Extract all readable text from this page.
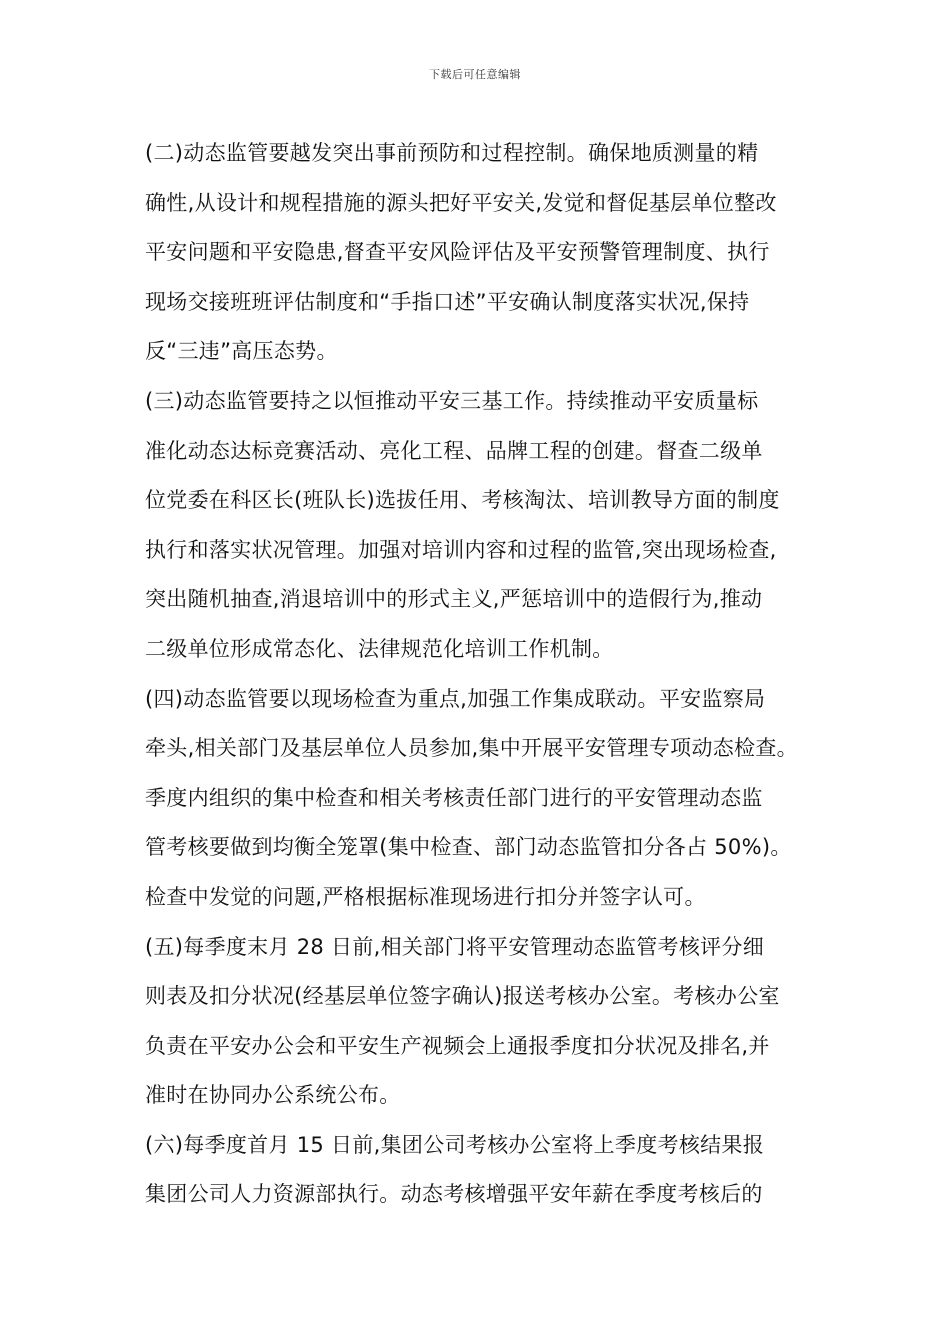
下载后可任意编辑
(二)动态监管要越发突出事前预防和过程控制。确保地质测量的精
确性,从设计和规程措施的源头把好平安关,发觉和督促基层单位整改
平安问题和平安隐患,督查平安风险评估及平安预警管理制度、执行
现场交接班班评估制度和“手指口述”平安确认制度落实状况,保持
反“三违”高压态势。
(三)动态监管要持之以恒推动平安三基工作。持续推动平安质量标
准化动态达标竞赛活动、亮化工程、品牌工程的创建。督查二级单
位党委在科区长(班队长)选拔任用、考核淘汰、培训教导方面的制度
执行和落实状况管理。加强对培训内容和过程的监管,突出现场检查,
突出随机抽查,消退培训中的形式主义,严惩培训中的造假行为,推动
二级单位形成常态化、法律规范化培训工作机制。
(四)动态监管要以现场检查为重点,加强工作集成联动。平安监察局
牵头,相关部门及基层单位人员参加,集中开展平安管理专项动态检查。
季度内组织的集中检查和相关考核责任部门进行的平安管理动态监
管考核要做到均衡全笼罩(集中检查、部门动态监管扣分各占 50%)。
检查中发觉的问题,严格根据标准现场进行扣分并签字认可。
(五)每季度末月 28 日前,相关部门将平安管理动态监管考核评分细
则表及扣分状况(经基层单位签字确认)报送考核办公室。考核办公室
负责在平安办公会和平安生产视频会上通报季度扣分状况及排名,并
准时在协同办公系统公布。
(六)每季度首月 15 日前,集团公司考核办公室将上季度考核结果报
集团公司人力资源部执行。动态考核增强平安年薪在季度考核后的
